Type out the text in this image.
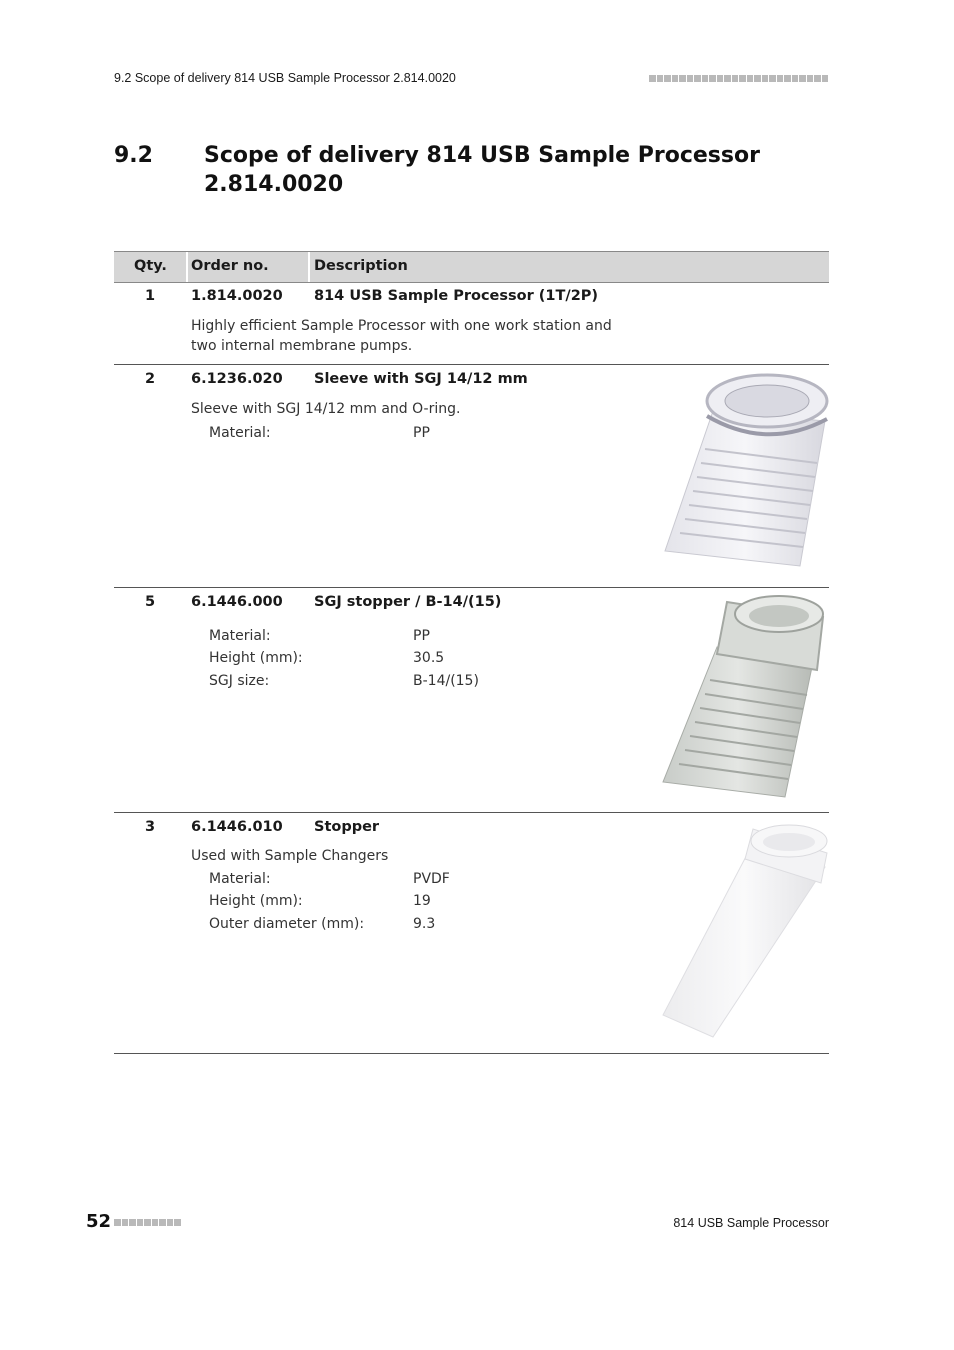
9.2 Scope of delivery 814 USB Sample Processor 2.814.0020
9.2 Scope of delivery 814 USB Sample Processor 2.814.0020
Qty. Order no.	Description
1	1.814.0020 814 USB Sample Processor (1T/2P)
Highly efficient Sample Processor with one work station and two internal membrane pumps.
2	6.1236.020 Sleeve with SGJ 14/12 mm
Sleeve with SGJ 14/12 mm and O-ring.
Material:	PP
5	6.1446.000 SGJ stopper / B-14/(15)
Material:	PP
Height (mm):	30.5
SGJ size:	B-14/(15)
3	6.1446.010 Stopper
Used with Sample Changers
Material:	PVDF
Height (mm):	19
Outer diameter (mm):	9.3
52	814 USB Sample Processor
